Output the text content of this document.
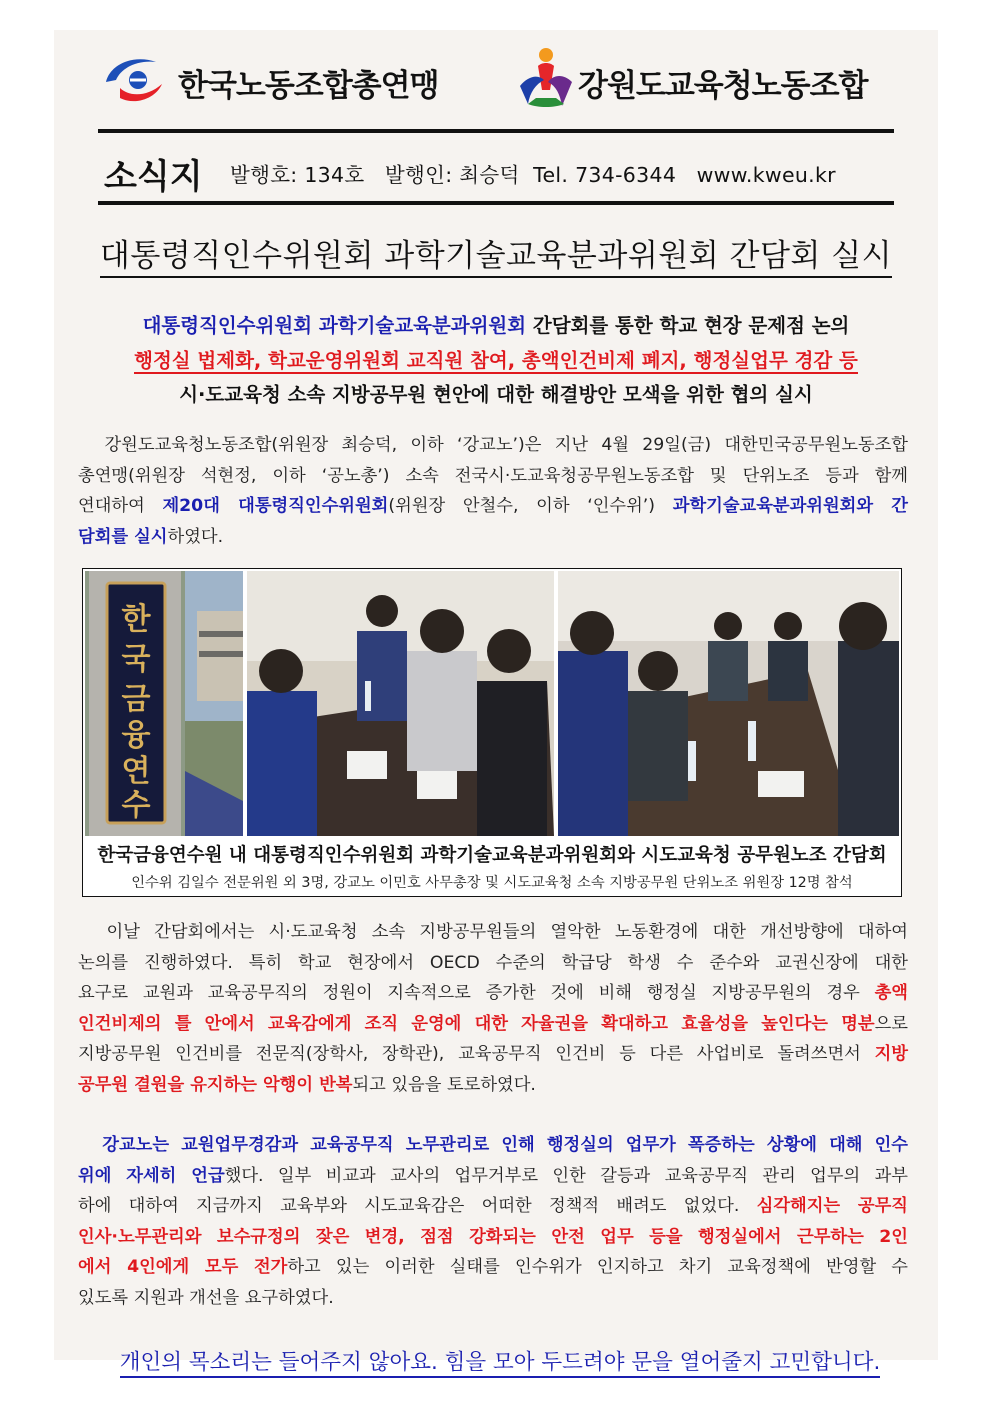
한국노동조합총연맹	강원도교육청노동조합
소식지 발행호: 134호   발행인: 최승덕  Tel. 734-6344   www.kweu.kr
대통령직인수위원회 과학기술교육분과위원회 간담회 실시
대통령직인수위원회 과학기술교육분과위원회 간담회를 통한 학교 현장 문제점 논의
행정실 법제화, 학교운영위원회 교직원 참여, 총액인건비제 폐지, 행정실업무 경감 등
시·도교육청 소속 지방공무원 현안에 대한 해결방안 모색을 위한 협의 실시
강원도교육청노동조합(위원장 최승덕, 이하 ‘강교노’)은 지난 4월 29일(금) 대한민국공무원노동조합
총연맹(위원장 석현정, 이하 ‘공노총’) 소속 전국시·도교육청공무원노동조합 및 단위노조 등과 함께
연대하여 제20대 대통령직인수위원회(위원장 안철수, 이하 ‘인수위’) 과학기술교육분과위원회와 간
담회를 실시하였다.
한
국
금
융
연
수
한국금융연수원 내 대통령직인수위원회 과학기술교육분과위원회와 시도교육청 공무원노조 간담회
인수위 김일수 전문위원 외 3명, 강교노 이민호 사무총장 및 시도교육청 소속 지방공무원 단위노조 위원장 12명 참석
이날 간담회에서는 시·도교육청 소속 지방공무원들의 열악한 노동환경에 대한 개선방향에 대하여
논의를 진행하였다. 특히 학교 현장에서 OECD 수준의 학급당 학생 수 준수와 교권신장에 대한
요구로 교원과 교육공무직의 정원이 지속적으로 증가한 것에 비해 행정실 지방공무원의 경우 총액
인건비제의 틀 안에서 교육감에게 조직 운영에 대한 자율권을 확대하고 효율성을 높인다는 명분으로
지방공무원 인건비를 전문직(장학사, 장학관), 교육공무직 인건비 등 다른 사업비로 돌려쓰면서 지방
공무원 결원을 유지하는 악행이 반복되고 있음을 토로하였다.
강교노는 교원업무경감과 교육공무직 노무관리로 인해 행정실의 업무가 폭증하는 상황에 대해 인수
위에 자세히 언급했다. 일부 비교과 교사의 업무거부로 인한 갈등과 교육공무직 관리 업무의 과부
하에 대하여 지금까지 교육부와 시도교육감은 어떠한 정책적 배려도 없었다. 심각해지는 공무직
인사·노무관리와 보수규정의 잦은 변경, 점점 강화되는 안전 업무 등을 행정실에서 근무하는 2인
에서 4인에게 모두 전가하고 있는 이러한 실태를 인수위가 인지하고 차기 교육정책에 반영할 수
있도록 지원과 개선을 요구하였다.
개인의 목소리는 들어주지 않아요. 힘을 모아 두드려야 문을 열어줄지 고민합니다.
